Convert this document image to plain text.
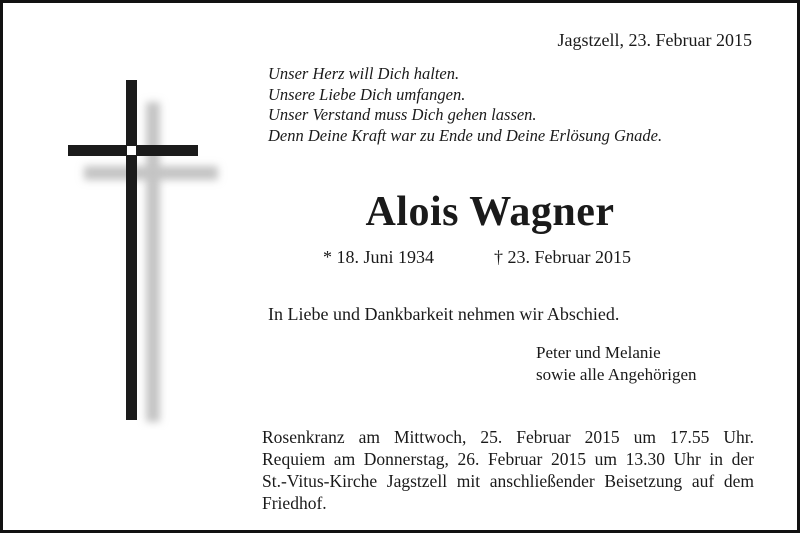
Jagstzell, 23. Februar 2015
Unser Herz will Dich halten.
Unsere Liebe Dich umfangen.
Unser Verstand muss Dich gehen lassen.
Denn Deine Kraft war zu Ende und Deine Erlösung Gnade.
Alois Wagner
* 18. Juni 1934	† 23. Februar 2015
In Liebe und Dankbarkeit nehmen wir Abschied.
Peter und Melanie
sowie alle Angehörigen
Rosenkranz am Mittwoch, 25. Februar 2015 um 17.55 Uhr.
Requiem am Donnerstag, 26. Februar 2015 um 13.30 Uhr in der
St.-Vitus-Kirche Jagstzell mit anschließender Beisetzung auf dem
Friedhof.
